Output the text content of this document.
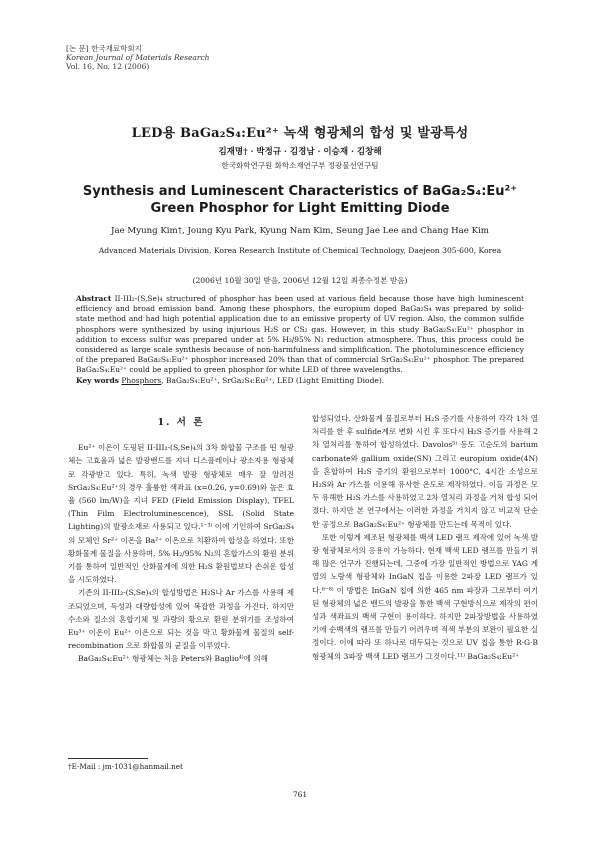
[논 문] 한국재료학회지
Korean Journal of Materials Research
Vol. 16, No. 12 (2006)
LED용 BaGa₂S₄:Eu²⁺ 녹색 형광체의 합성 및 발광특성
김재명† · 박정규 · 김경남 · 이승재 · 김창해
한국화학연구원 화학소재연구부 정광물선연구팀
Synthesis and Luminescent Characteristics of BaGa₂S₄:Eu²⁺
Green Phosphor for Light Emitting Diode
Jae Myung Kim†, Joung Kyu Park, Kyung Nam Kim, Seung Jae Lee and Chang Hae Kim
Advanced Materials Division, Korea Research Institute of Chemical Technology, Daejeon 305-600, Korea
(2006년 10월 30일 받음, 2006년 12월 12일 최종수정본 받음)
Abstract II-III₂-(S,Se)₄ structured of phosphor has been used at various field because those have high luminescent efficiency and broad emission band. Among these phosphors, the europium doped BaGa₂S₄ was prepared by solid-state method and had high potential application due to an emissive property of UV region. Also, the common sulfide phosphors were synthesized by using injurious H₂S or CS₂ gas. However, in this study BaGa₂S₄:Eu²⁺ phosphor in addition to excess sulfur was prepared under at 5% H₂/95% N₂ reduction atmosphere. Thus, this process could be considered as large scale synthesis because of non-harmfulness and simplification. The photoluminescence efficiency of the prepared BaGa₂S₄:Eu²⁺ phosphor increased 20% than that of commercial SrGa₂S₄:Eu²⁺ phosphor. The prepared BaGa₂S₄:Eu²⁺ could be applied to green phosphor for white LED of three wavelengths.
Key words Phosphors, BaGa₂S₄:Eu²⁺, SrGa₂S₄:Eu²⁺, LED (Light Emitting Diode).
1. 서 론

Eu²⁺ 이온이 도핑된 II-III₂-(S,Se)₄의 3차 화합물 구조를 띤 형광체는 고효율과 넓은 발광밴드를 지녀 디스플레이나 광소자용 형광체로 각광받고 있다. 특히, 녹색 발광 형광체로 매우 잘 알려진 SrGa₂S₄:Eu²⁺의 경우 훌륭한 색좌표 (x=0.26, y=0.69)와 높은 효율 (560 lm/W)을 지녀 FED (Field Emission Display), TFEL (Thin Film Electroluminescence), SSL (Solid State Lighting)의 발광소재로 사용되고 있다.¹⁻³⁾ 이에 기인하여 SrGa₂S₄의 모체인 Sr²⁺ 이온을 Ba²⁺ 이온으로 치환하여 합성을 하였다. 또한 황화물계 물질을 사용하며, 5% H₂/95% N₂의 혼합가스의 환원 분위기를 통하여 일반적인 산화물계에 의한 H₂S 환원법보다 손쉬운 합성을 시도하였다.

기존의 II-III₂-(S,Se)₄의 합성방법은 H₂S나 Ar 가스를 사용해 제조되었으며, 독성과 대량합성에 있어 복잡한 과정을 가진다. 하지만 수소와 질소의 혼합기체 및 과량의 황으로 환원 분위기를 조성하여 Eu³⁺ 이온이 Eu²⁺ 이온으로 되는 것을 막고 황화물계 물질의 self-recombination 으로 화합물의 균질을 이루었다.

BaGa₂S₄:Eu²⁺ 형광체는 처음 Peters와 Baglio⁴⁾에 의해

합성되었다. 산화물계 물질로부터 H₂S 증기를 사용하여 각각 1차 열처리를 한 후 sulfide계로 변화 시킨 후 또다시 H₂S 증기를 사용해 2차 열처리를 통하여 합성하였다. Davolos⁵⁾ 등도 고순도의 barium carbonate와 gallium oxide(SN) 그리고 europium oxide(4N)을 혼합하여 H₂S 증기의 환원으로부터 1000°C, 4시간 소성으로 H₂S와 Ar 가스를 이용해 유사한 온도로 제작하였다. 이들 과정은 모두 유해한 H₂S 가스를 사용하였고 2차 열처리 과정을 거쳐 합성 되어졌다. 하지만 본 연구에서는 이러한 과정을 거치지 않고 비교적 단순한 공정으로 BaGa₂S₄:Eu²⁺ 형광체를 만드는데 목적이 있다.

또한 이렇게 제조된 형광체를 백색 LED 램프 제작에 있어 녹색 발광 형광체로서의 응용이 가능하다. 현재 백색 LED 램프를 만들기 위해 많은 연구가 진행되는데, 그중에 가장 일반적인 방법으로 YAG 계열의 노랑색 형광체와 InGaN 칩을 이용한 2파장 LED 램프가 있다.⁶⁻⁸⁾ 이 방법은 InGaN 칩에 의한 465 nm 파장과 그로부터 여기된 형광체의 넓은 밴드의 발광을 통한 백색 구현방식으로 제작의 편이성과 색좌표의 백색 구현이 용이하다. 하지만 2파장방법을 사용하였기에 순백색의 램프를 만들기 어려우며 적색 부분의 보완이 필요한 실정이다. 이에 따라 또 하나로 대두되는 것으로 UV 칩을 통한 R·G·B 형광체의 3파장 백색 LED 램프가 그것이다.¹¹⁾ BaGa₂S₄:Eu²⁺

†E-Mail : jm-1031@hanmail.net
761
